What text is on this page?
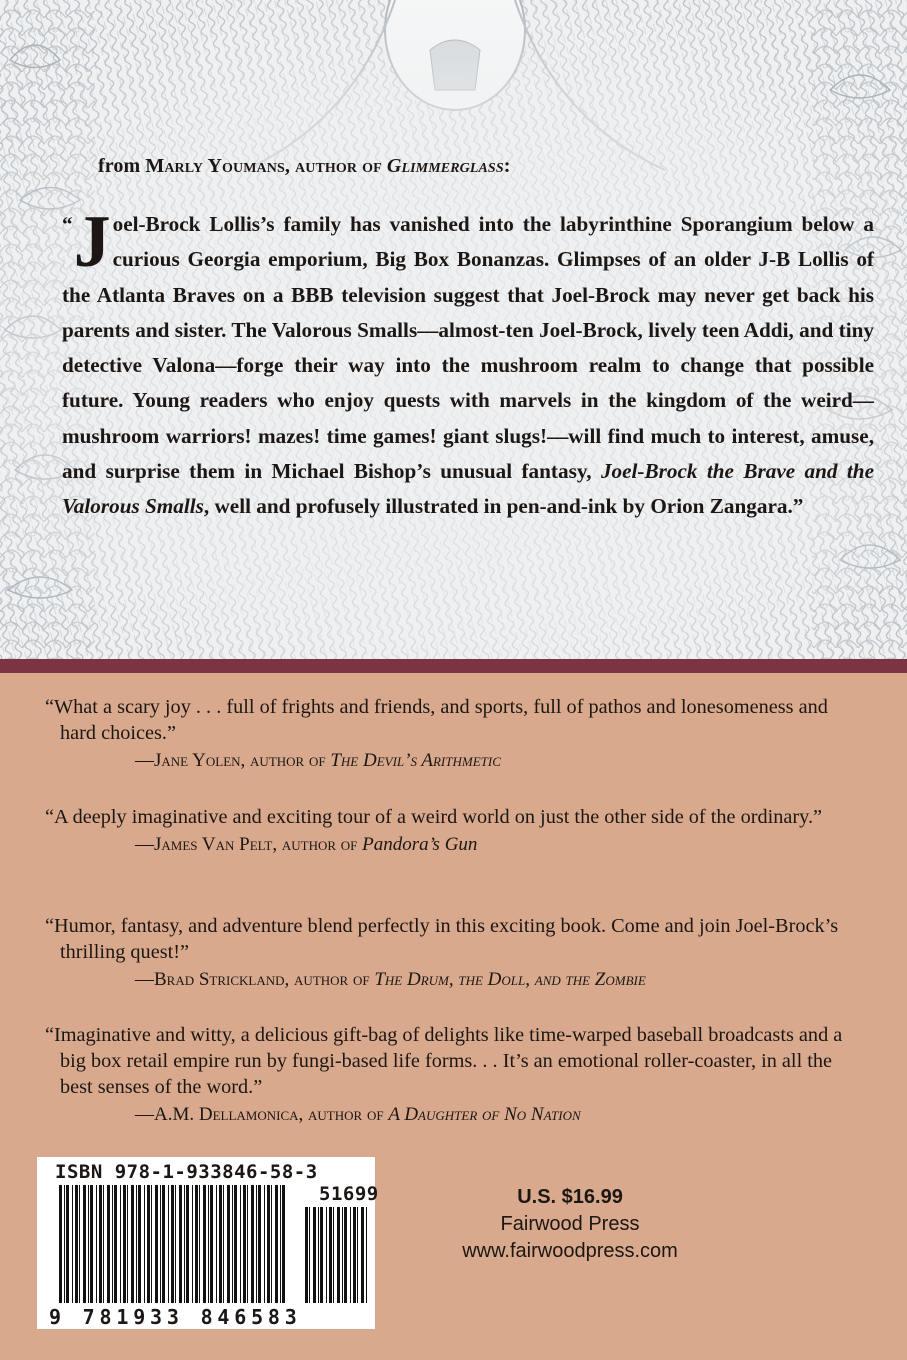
from Marly Youmans, author of Glimmerglass:
“ J oel-Brock Lollis’s family has vanished into the labyrinthine Sporangium below a curious Georgia emporium, Big Box Bonanzas. Glimpses of an older J-B Lollis of the Atlanta Braves on a BBB television suggest that Joel-Brock may never get back his parents and sister. The Valorous Smalls—almost-ten Joel-Brock, lively teen Addi, and tiny detective Valona—forge their way into the mushroom realm to change that possible future. Young readers who enjoy quests with marvels in the kingdom of the weird—mushroom warriors! mazes! time games! giant slugs!—will find much to interest, amuse, and surprise them in Michael Bishop’s unusual fantasy, Joel-Brock the Brave and the Valorous Smalls, well and profusely illustrated in pen-and-ink by Orion Zangara.”
“What a scary joy . . . full of frights and friends, and sports, full of pathos and lonesomeness and hard choices.”
—Jane Yolen, author of The Devil’s Arithmetic
“A deeply imaginative and exciting tour of a weird world on just the other side of the ordinary.”
—James Van Pelt, author of Pandora’s Gun
“Humor, fantasy, and adventure blend perfectly in this exciting book. Come and join Joel-Brock’s thrilling quest!”
—Brad Strickland, author of The Drum, the Doll, and the Zombie
“Imaginative and witty, a delicious gift-bag of delights like time-warped baseball broadcasts and a big box retail empire run by fungi-based life forms. . . It’s an emotional roller-coaster, in all the best senses of the word.”
—A.M. Dellamonica, author of A Daughter of No Nation
ISBN 978-1-933846-58-3
51699
9 781933 846583
U.S. $16.99
Fairwood Press
www.fairwoodpress.com
